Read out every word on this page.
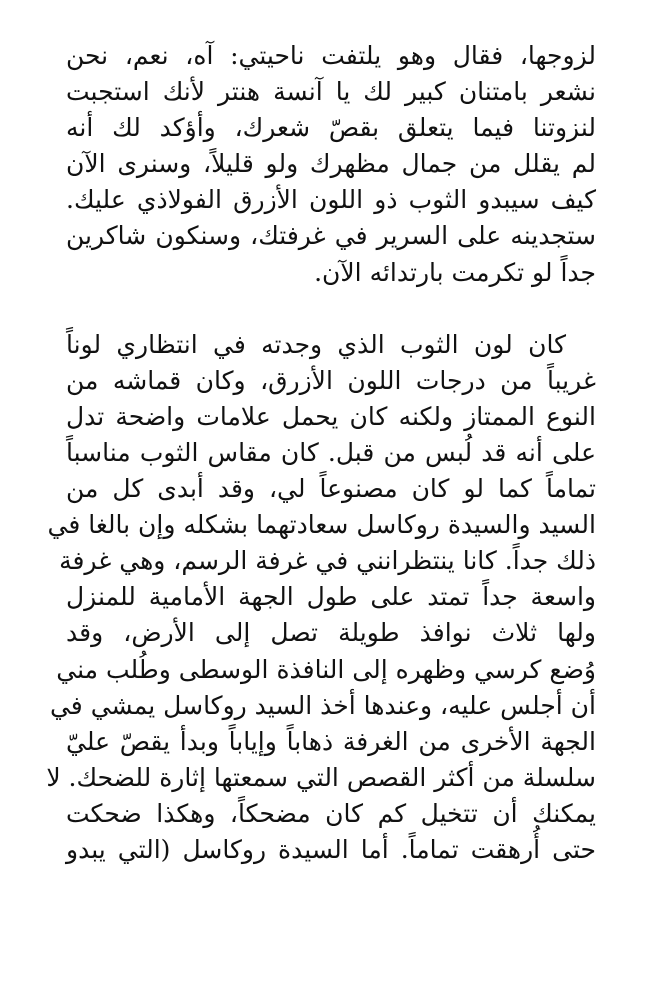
لزوجها، فقال وهو يلتفت ناحيتي: آه، نعم، نحن
نشعر بامتنان كبير لك يا آنسة هنتر لأنك استجبت
لنزوتنا فيما يتعلق بقصّ شعرك، وأؤكد لك أنه
لم يقلل من جمال مظهرك ولو قليلاً، وسنرى الآن
كيف سيبدو الثوب ذو اللون الأزرق الفولاذي عليك.
ستجدينه على السرير في غرفتك، وسنكون شاكرين
جداً لو تكرمت بارتدائه الآن.
كان لون الثوب الذي وجدته في انتظاري لوناً
غريباً من درجات اللون الأزرق، وكان قماشه من
النوع الممتاز ولكنه كان يحمل علامات واضحة تدل
على أنه قد لُبس من قبل. كان مقاس الثوب مناسباً
تماماً كما لو كان مصنوعاً لي، وقد أبدى كل من
السيد والسيدة روكاسل سعادتهما بشكله وإن بالغا في
ذلك جداً. كانا ينتظرانني في غرفة الرسم، وهي غرفة
واسعة جداً تمتد على طول الجهة الأمامية للمنزل
ولها ثلاث نوافذ طويلة تصل إلى الأرض، وقد
وُضع كرسي وظهره إلى النافذة الوسطى وطُلب مني
أن أجلس عليه، وعندها أخذ السيد روكاسل يمشي في
الجهة الأخرى من الغرفة ذهاباً وإياباً وبدأ يقصّ عليّ
سلسلة من أكثر القصص التي سمعتها إثارة للضحك. لا
يمكنك أن تتخيل كم كان مضحكاً، وهكذا ضحكت
حتى أُرهقت تماماً. أما السيدة روكاسل (التي يبدو
